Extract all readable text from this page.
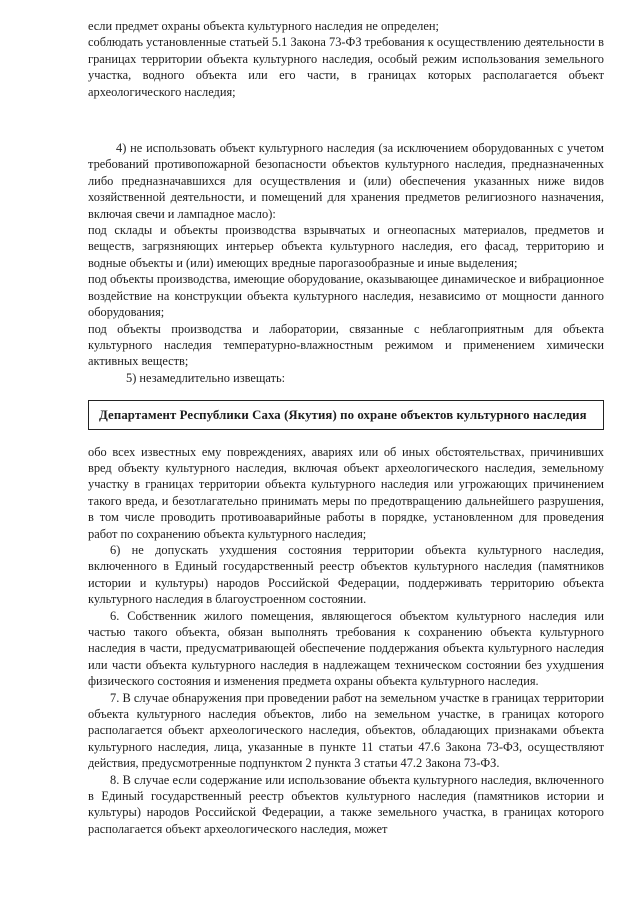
если предмет охраны объекта культурного наследия не определен;

соблюдать установленные статьей 5.1 Закона 73-ФЗ требования к осуществлению деятельности в границах территории объекта культурного наследия, особый режим использования земельного участка, водного объекта или его части, в границах которых располагается объект археологического наследия;

4) не использовать объект культурного наследия (за исключением оборудованных с учетом требований противопожарной безопасности объектов культурного наследия, предназначенных либо предназначавшихся для осуществления и (или) обеспечения указанных ниже видов хозяйственной деятельности, и помещений для хранения предметов религиозного назначения, включая свечи и лампадное масло):

под склады и объекты производства взрывчатых и огнеопасных материалов, предметов и веществ, загрязняющих интерьер объекта культурного наследия, его фасад, территорию и водные объекты и (или) имеющих вредные парогазообразные и иные выделения;

под объекты производства, имеющие оборудование, оказывающее динамическое и вибрационное воздействие на конструкции объекта культурного наследия, независимо от мощности данного оборудования;

под объекты производства и лаборатории, связанные с неблагоприятным для объекта культурного наследия температурно-влажностным режимом и применением химически активных веществ;

5) незамедлительно извещать:

Департамент Республики Саха (Якутия) по охране объектов культурного наследия

обо всех известных ему повреждениях, авариях или об иных обстоятельствах, причинивших вред объекту культурного наследия, включая объект археологического наследия, земельному участку в границах территории объекта культурного наследия или угрожающих причинением такого вреда, и безотлагательно принимать меры по предотвращению дальнейшего разрушения, в том числе проводить противоаварийные работы в порядке, установленном для проведения работ по сохранению объекта культурного наследия;

6) не допускать ухудшения состояния территории объекта культурного наследия, включенного в Единый государственный реестр объектов культурного наследия (памятников истории и культуры) народов Российской Федерации, поддерживать территорию объекта культурного наследия в благоустроенном состоянии.

6. Собственник жилого помещения, являющегося объектом культурного наследия или частью такого объекта, обязан выполнять требования к сохранению объекта культурного наследия в части, предусматривающей обеспечение поддержания объекта культурного наследия или части объекта культурного наследия в надлежащем техническом состоянии без ухудшения физического состояния и изменения предмета охраны объекта культурного наследия.

7. В случае обнаружения при проведении работ на земельном участке в границах территории объекта культурного наследия объектов, либо на земельном участке, в границах которого располагается объект археологического наследия, объектов, обладающих признаками объекта культурного наследия, лица, указанные в пункте 11 статьи 47.6 Закона 73-ФЗ, осуществляют действия, предусмотренные подпунктом 2 пункта 3 статьи 47.2 Закона 73-ФЗ.

8. В случае если содержание или использование объекта культурного наследия, включенного в Единый государственный реестр объектов культурного наследия (памятников истории и культуры) народов Российской Федерации, а также земельного участка, в границах которого располагается объект археологического наследия, может
